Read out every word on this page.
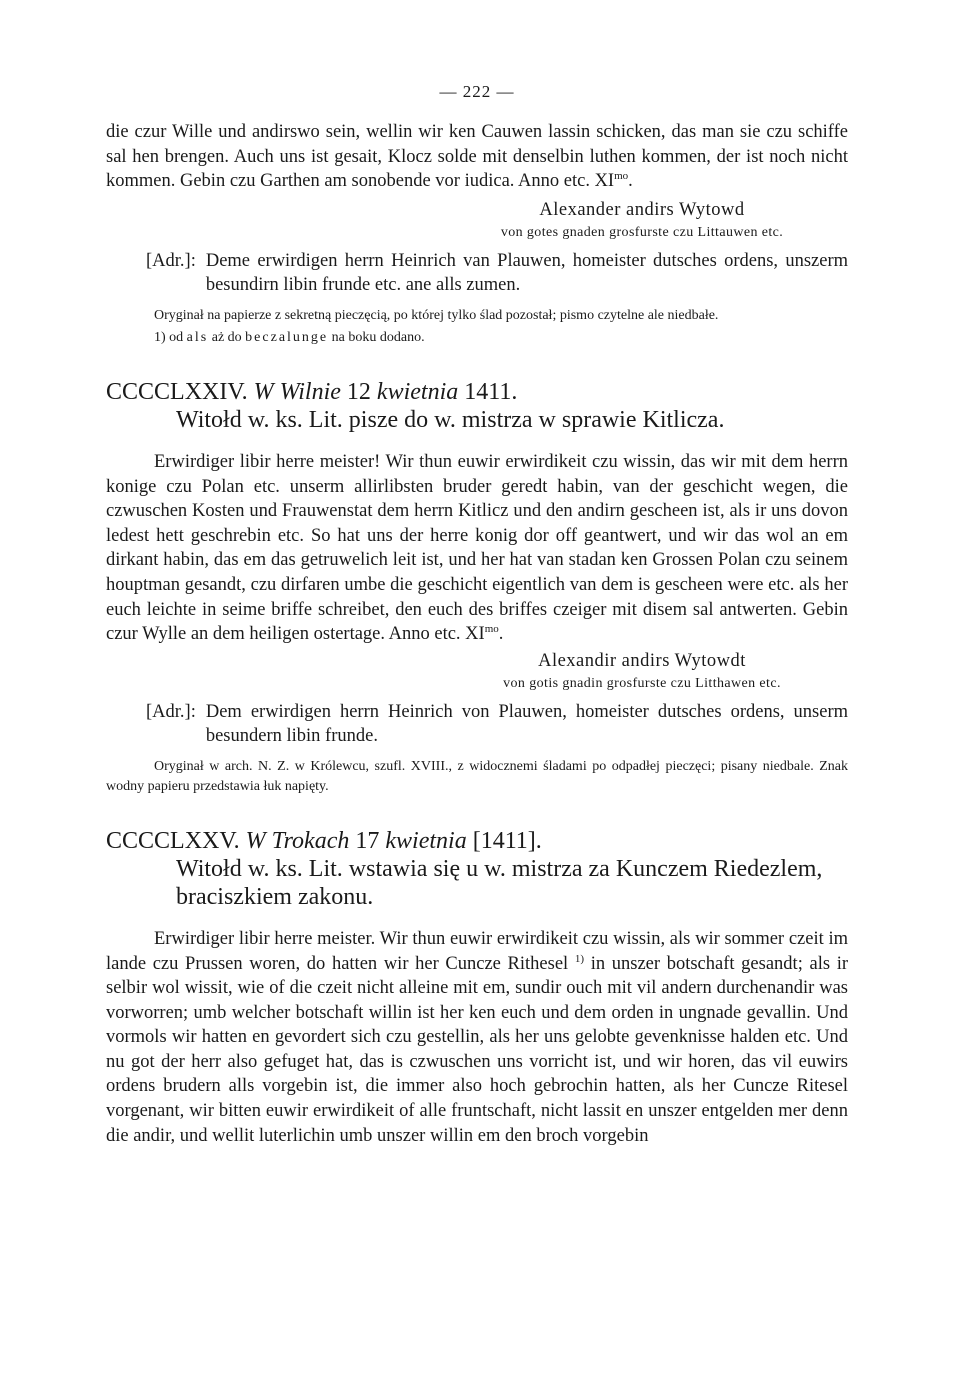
— 222 —

die czur Wille und andirswo sein, wellin wir ken Cauwen lassin schicken, das man sie czu schiffe sal hen brengen. Auch uns ist gesait, Klocz solde mit denselbin luthen kommen, der ist noch nicht kommen. Gebin czu Garthen am sonobende vor iudica. Anno etc. $XI^{mo}$.

Alexander andirs Wytowd
von gotes gnaden grosfurste czu Littauwen etc.
[Adr.]: Deme erwirdigen herrn Heinrich van Plauwen, homeister dutsches ordens, unszerm besundirn libin frunde etc. ane alls zumen.
Oryginał na papierze z sekretną pieczęcią, po której tylko ślad pozostał; pismo czytelne ale niedbałe.
1) od als aż do beczalunge na boku dodano.
CCCCLXXIV. W Wilnie 12 kwietnia 1411.
Witołd w. ks. Lit. pisze do w. mistrza w sprawie Kitlicza.

Erwirdiger libir herre meister! Wir thun euwir erwirdikeit czu wissin, das wir mit dem herrn konige czu Polan etc. unserm allirlibsten bruder geredt habin, van der geschicht wegen, die czwuschen Kosten und Frauwenstat dem herrn Kitlicz und den andirn gescheen ist, als ir uns dovon ledest hett geschrebin etc. So hat uns der herre konig dor off geantwert, und wir das wol an em dirkant habin, das em das getruwelich leit ist, und her hat van stadan ken Grossen Polan czu seinem houptman gesandt, czu dirfaren umbe die geschicht eigentlich van dem is gescheen were etc. als her euch leichte in seime briffe schreibet, den euch des briffes czeiger mit disem sal antwerten. Gebin czur Wylle an dem heiligen ostertage. Anno etc. $XI^{mo}$.

Alexandir andirs Wytowdt
von gotis gnadin grosfurste czu Litthawen etc.
[Adr.]: Dem erwirdigen herrn Heinrich von Plauwen, homeister dutsches ordens, unserm besundern libin frunde.
Oryginał w arch. N. Z. w Królewcu, szufl. XVIII., z widocznemi śladami po odpadłej pieczęci; pisany niedbale. Znak wodny papieru przedstawia łuk napięty.
CCCCLXXV. W Trokach 17 kwietnia [1411].
Witołd w. ks. Lit. wstawia się u w. mistrza za Kunczem Riedezlem, braciszkiem zakonu.

Erwirdiger libir herre meister. Wir thun euwir erwirdikeit czu wissin, als wir sommer czeit im lande czu Prussen woren, do hatten wir her Cuncze Rithesel $^{1)}$ in unszer botschaft gesandt; als ir selbir wol wissit, wie of die czeit nicht alleine mit em, sundir ouch mit vil andern durchenandir was vorworren; umb welcher botschaft willin ist her ken euch und dem orden in ungnade gevallin. Und vormols wir hatten en gevordert sich czu gestellin, als her uns gelobte gevenknisse halden etc. Und nu got der herr also gefuget hat, das is czwuschen uns vorricht ist, und wir horen, das vil euwirs ordens brudern alls vorgebin ist, die immer also hoch gebrochin hatten, als her Cuncze Ritesel vorgenant, wir bitten euwir erwirdikeit of alle fruntschaft, nicht lassit en unszer entgelden mer denn die andir, und wellit luterlichin umb unszer willin em den broch vorgebin
